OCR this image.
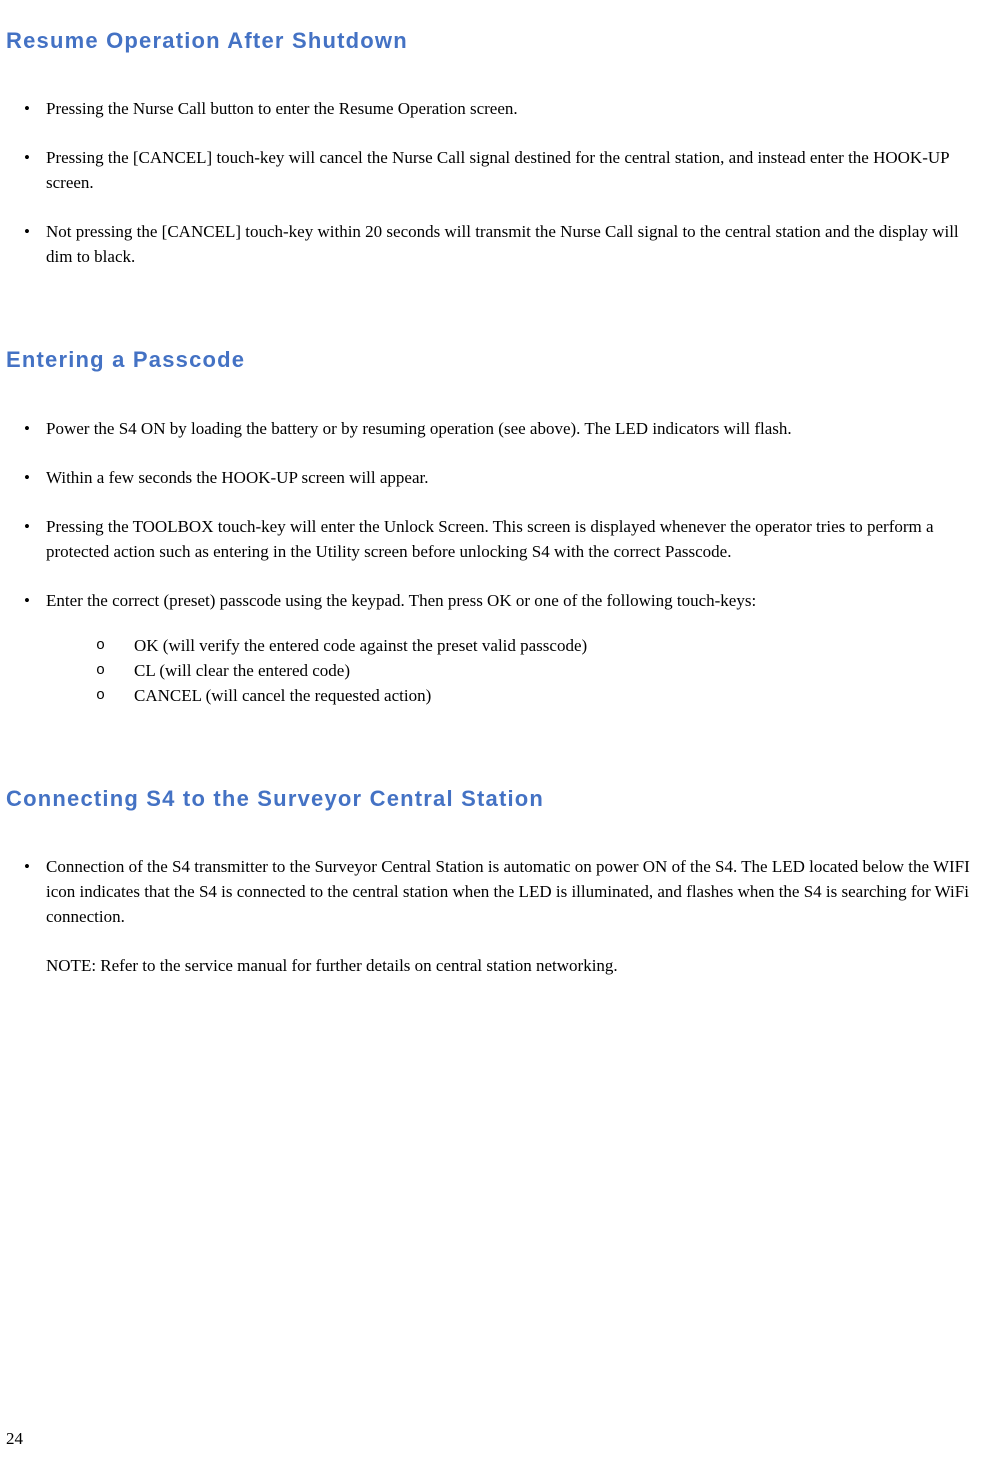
Resume Operation After Shutdown
• Pressing the Nurse Call button to enter the Resume Operation screen.
• Pressing the [CANCEL] touch-key will cancel the Nurse Call signal destined for the central station, and instead enter the HOOK-UP screen.
• Not pressing the [CANCEL] touch-key within 20 seconds will transmit the Nurse Call signal to the central station and the display will dim to black.
Entering a Passcode
• Power the S4 ON by loading the battery or by resuming operation (see above). The LED indicators will flash.
• Within a few seconds the HOOK-UP screen will appear.
• Pressing the TOOLBOX touch-key will enter the Unlock Screen. This screen is displayed whenever the operator tries to perform a protected action such as entering in the Utility screen before unlocking S4 with the correct Passcode.
• Enter the correct (preset) passcode using the keypad. Then press OK or one of the following touch-keys:
o OK (will verify the entered code against the preset valid passcode)
o CL (will clear the entered code)
o CANCEL (will cancel the requested action)
Connecting S4 to the Surveyor Central Station
• Connection of the S4 transmitter to the Surveyor Central Station is automatic on power ON of the S4. The LED located below the WIFI icon indicates that the S4 is connected to the central station when the LED is illuminated, and flashes when the S4 is searching for WiFi connection.

NOTE: Refer to the service manual for further details on central station networking.

24
